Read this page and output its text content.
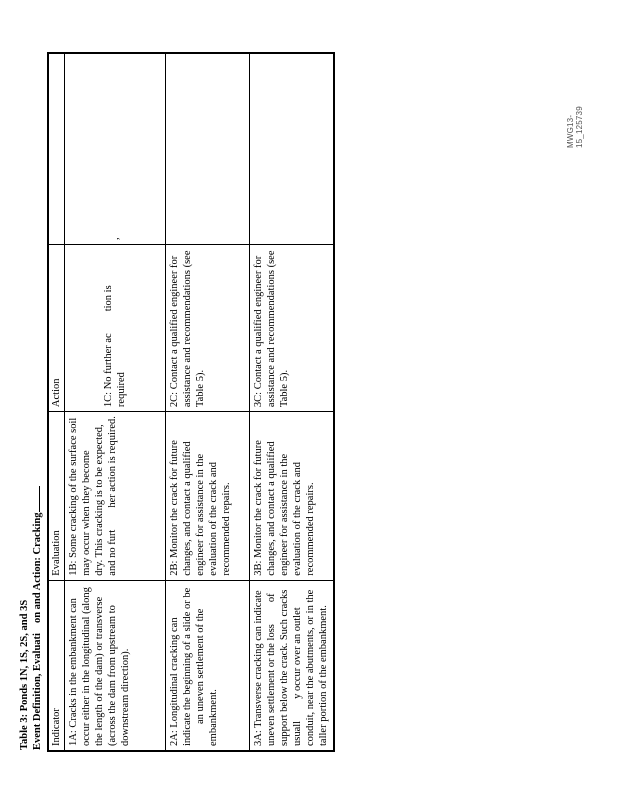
Table 3: Ponds 1N, 1S, 2S, and 3S Event Definition, Evaluation and Action: Cracking
Indicator	Evaluation	Action	
1A: Cracks in the embankment can occur either in the longitudinal (along the length of the dam) or transverse (across the dam from upstream to downstream direction).	1B: Some cracking of the surface soil may occur when they become dry. This cracking is to be expected, and no further action is required.	1C: No further action is required	,
2A: Longitudinal cracking can indicate the beginning of a slide or be an uneven settlement of the embankment.	2B: Monitor the crack for future changes, and contact a qualified engineer for assistance in the evaluation of the crack and recommended repairs.	2C: Contact a qualified engineer for assistance and recommendations (see Table 5).	
3A: Transverse cracking can indicate uneven settlement or the lossof support below the crack. Such cracks usually occur over an outlet conduit, near the abutments, or in the taller portion of the embankment.	3B: Monitor the crack for future changes, and contact a qualified engineer for assistance in the evaluation of the crack and recommended repairs.	3C: Contact a qualified engineer for assistance and recommendations (see Table 5).	
MWG13-15_125739
